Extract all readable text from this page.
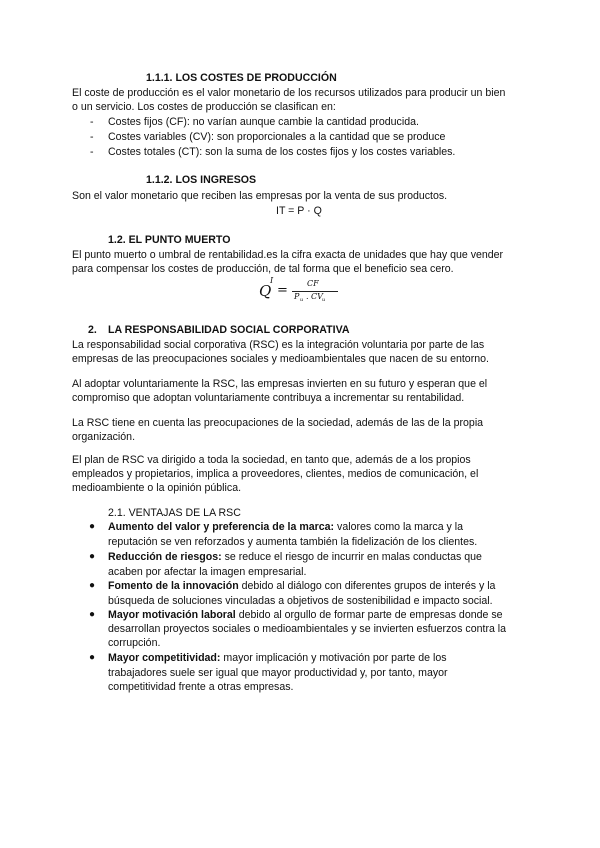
1.1.1. LOS COSTES DE PRODUCCIÓN
El coste de producción es el valor monetario de los recursos utilizados para producir un bien
o un servicio. Los costes de producción se clasifican en:
- Costes fijos (CF): no varían aunque cambie la cantidad producida.
- Costes variables (CV): son proporcionales a la cantidad que se produce
- Costes totales (CT): son la suma de los costes fijos y los costes variables.
1.1.2. LOS INGRESOS
Son el valor monetario que reciben las empresas por la venta de sus productos.
IT = P · Q
1.2. EL PUNTO MUERTO
El punto muerto o umbral de rentabilidad.es la cifra exacta de unidades que hay que vender
para compensar los costes de producción, de tal forma que el beneficio sea cero.
Q
I
= CF
P u . CV u
2. LA RESPONSABILIDAD SOCIAL CORPORATIVA
La responsabilidad social corporativa (RSC) es la integración voluntaria por parte de las
empresas de las preocupaciones sociales y medioambientales que nacen de su entorno.
Al adoptar voluntariamente la RSC, las empresas invierten en su futuro y esperan que el
compromiso que adoptan voluntariamente contribuya a incrementar su rentabilidad.
La RSC tiene en cuenta las preocupaciones de la sociedad, además de las de la propia
organización.
El plan de RSC va dirigido a toda la sociedad, en tanto que, además de a los propios
empleados y propietarios, implica a proveedores, clientes, medios de comunicación, el
medioambiente o la opinión pública.
2.1. VENTAJAS DE LA RSC
● Aumento del valor y preferencia de la marca: valores como la marca y la
reputación se ven reforzados y aumenta también la fidelización de los clientes.
● Reducción de riesgos: se reduce el riesgo de incurrir en malas conductas que
acaben por afectar la imagen empresarial.
● Fomento de la innovación debido al diálogo con diferentes grupos de interés y la
búsqueda de soluciones vinculadas a objetivos de sostenibilidad e impacto social.
● Mayor motivación laboral debido al orgullo de formar parte de empresas donde se
desarrollan proyectos sociales o medioambientales y se invierten esfuerzos contra la
corrupción.
● Mayor competitividad: mayor implicación y motivación por parte de los
trabajadores suele ser igual que mayor productividad y, por tanto, mayor
competitividad frente a otras empresas.
